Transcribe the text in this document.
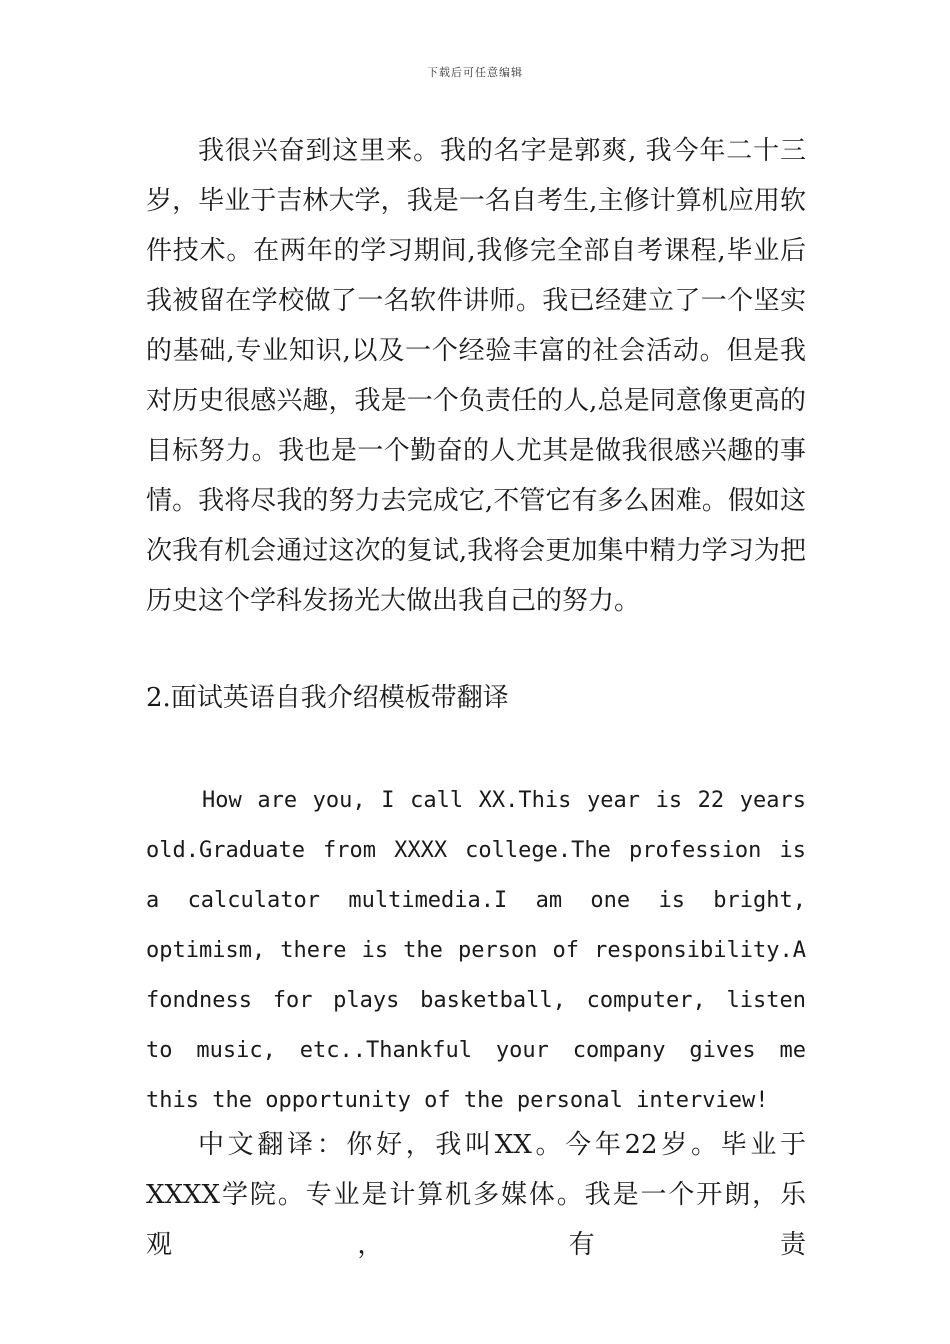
下载后可任意编辑
我很兴奋到这里来。我的名字是郭爽, 我今年二十三岁，毕业于吉林大学，我是一名自考生,主修计算机应用软件技术。在两年的学习期间,我修完全部自考课程,毕业后我被留在学校做了一名软件讲师。我已经建立了一个坚实的基础,专业知识,以及一个经验丰富的社会活动。但是我对历史很感兴趣，我是一个负责任的人,总是同意像更高的目标努力。我也是一个勤奋的人尤其是做我很感兴趣的事情。我将尽我的努力去完成它,不管它有多么困难。假如这次我有机会通过这次的复试,我将会更加集中精力学习为把历史这个学科发扬光大做出我自己的努力。
2.面试英语自我介绍模板带翻译
How are you, I call XX.This year is 22 years old.Graduate from XXXX college.The profession is a calculator multimedia.I am one is bright, optimism, there is the person of responsibility.A fondness for plays basketball, computer, listen to music, etc..Thankful your company gives me this the opportunity of the personal interview!
中文翻译：你好，我叫XX。今年22岁。毕业于XXXX学院。专业是计算机多媒体。我是一个开朗，乐观，有责
